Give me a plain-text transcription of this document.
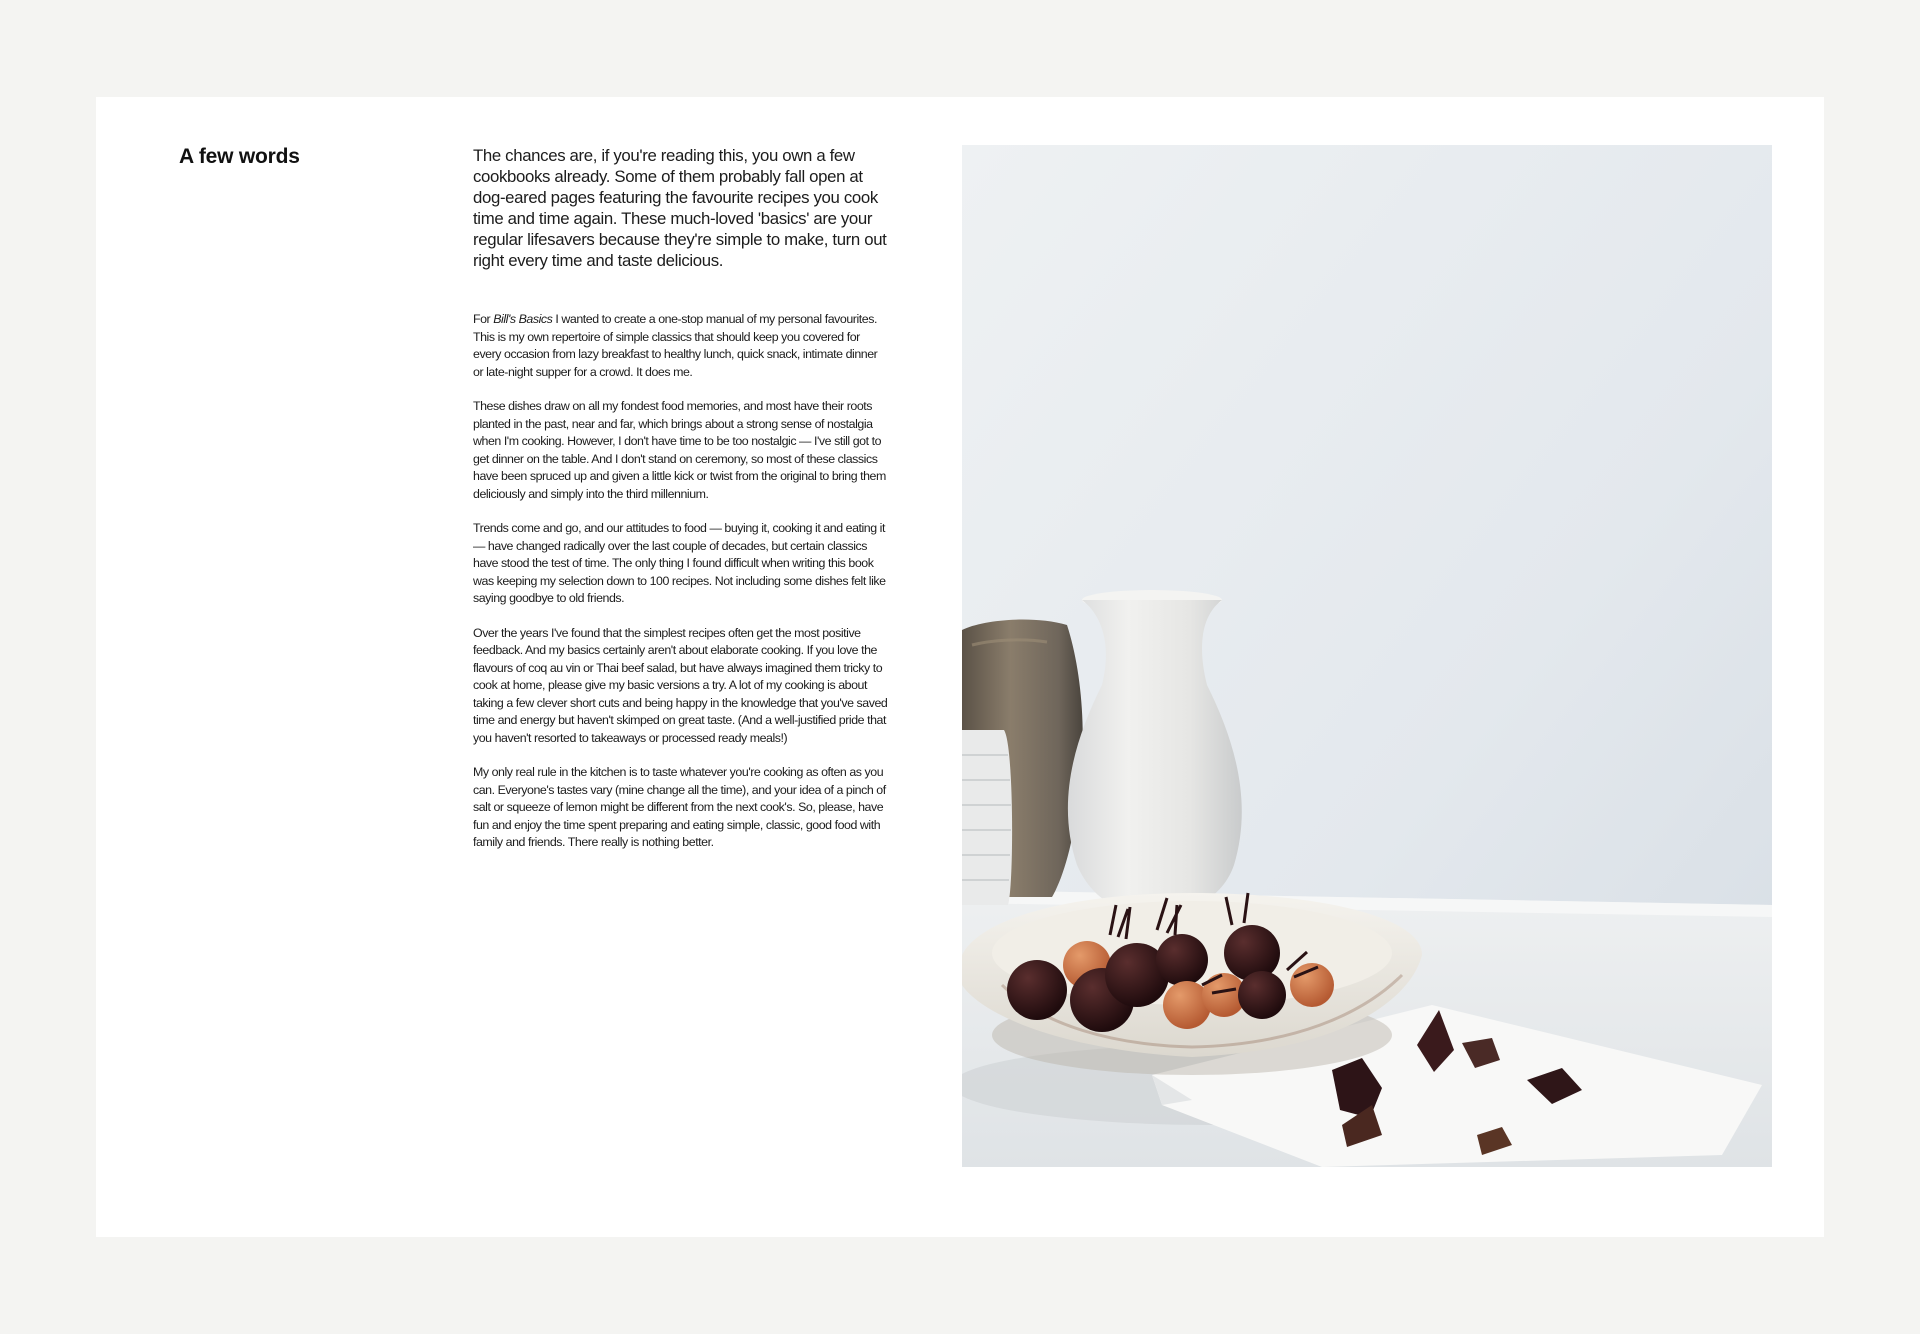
A few words	The chances are, if you're reading this, you own a few cookbooks already. Some of them probably fall open at dog-eared pages featuring the favourite recipes you cook time and time again. These much-loved 'basics' are your regular lifesavers because they're simple to make, turn out right every time and taste delicious.

For Bill's Basics I wanted to create a one-stop manual of my personal favourites. This is my own repertoire of simple classics that should keep you covered for every occasion from lazy breakfast to healthy lunch, quick snack, intimate dinner or late-night supper for a crowd. It does me.

These dishes draw on all my fondest food memories, and most have their roots planted in the past, near and far, which brings about a strong sense of nostalgia when I'm cooking. However, I don't have time to be too nostalgic — I've still got to get dinner on the table. And I don't stand on ceremony, so most of these classics have been spruced up and given a little kick or twist from the original to bring them deliciously and simply into the third millennium.

Trends come and go, and our attitudes to food — buying it, cooking it and eating it — have changed radically over the last couple of decades, but certain classics have stood the test of time. The only thing I found difficult when writing this book was keeping my selection down to 100 recipes. Not including some dishes felt like saying goodbye to old friends.

Over the years I've found that the simplest recipes often get the most positive feedback. And my basics certainly aren't about elaborate cooking. If you love the flavours of coq au vin or Thai beef salad, but have always imagined them tricky to cook at home, please give my basic versions a try. A lot of my cooking is about taking a few clever short cuts and being happy in the knowledge that you've saved time and energy but haven't skimped on great taste. (And a well-justified pride that you haven't resorted to takeaways or processed ready meals!)

My only real rule in the kitchen is to taste whatever you're cooking as often as you can. Everyone's tastes vary (mine change all the time), and your idea of a pinch of salt or squeeze of lemon might be different from the next cook's. So, please, have fun and enjoy the time spent preparing and eating simple, classic, good food with family and friends. There really is nothing better.
